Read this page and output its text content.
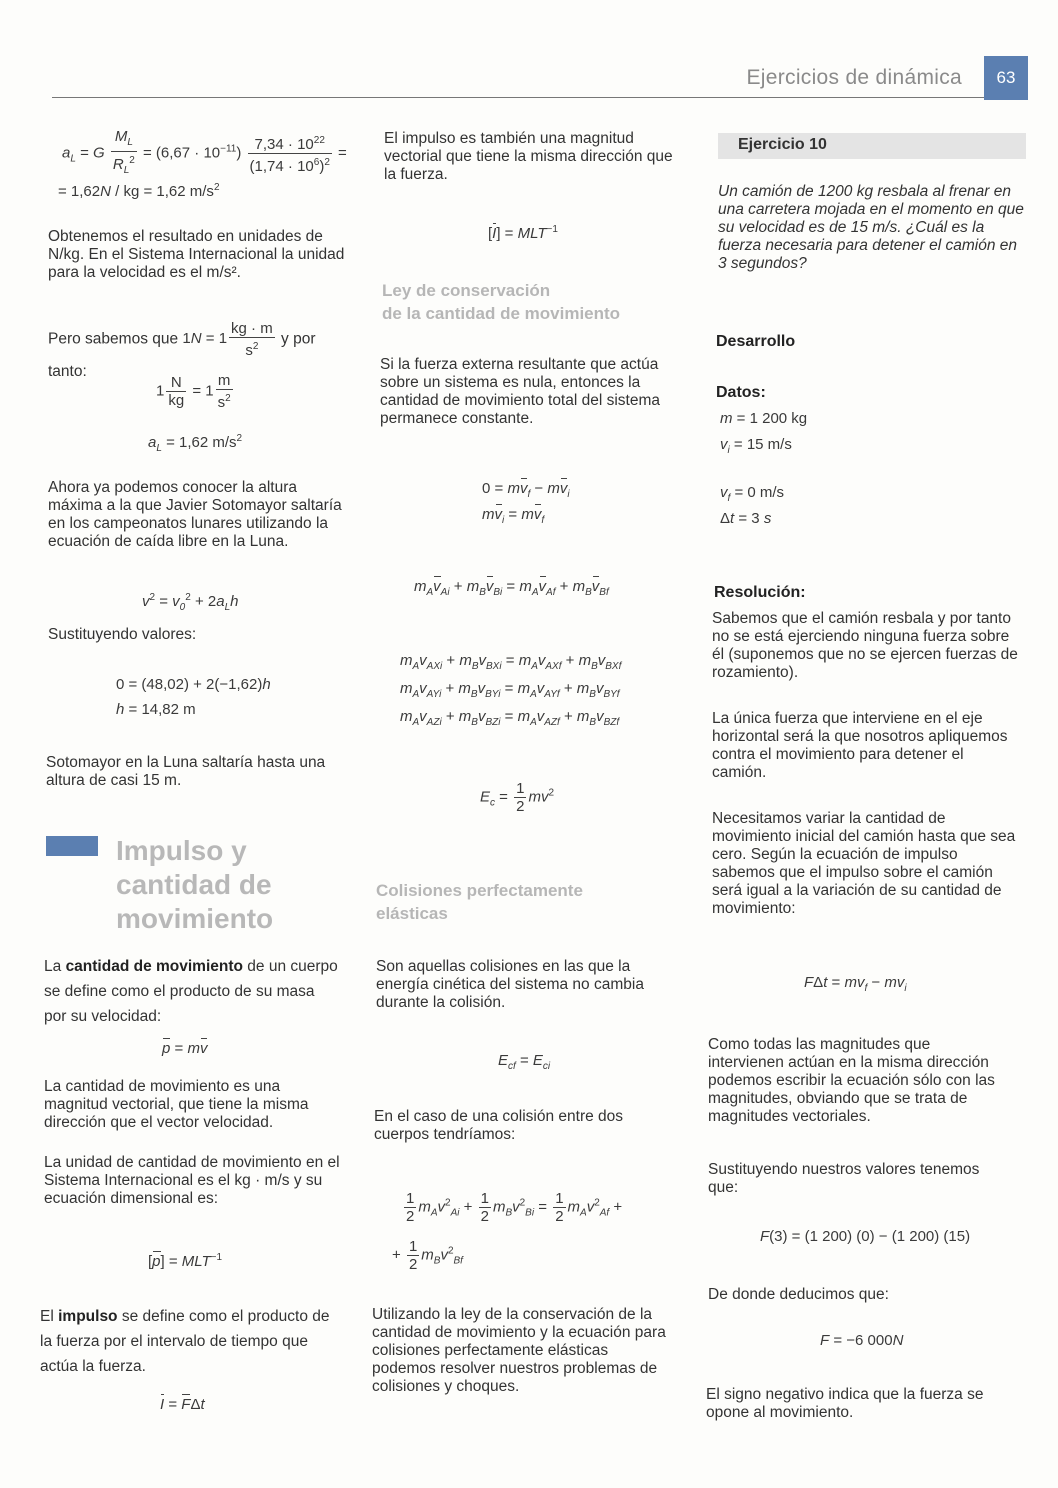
Ejercicios de dinámica	63
$a_L = G \frac{M_L}{R_L^2} = (6,67 \cdot 10^{-11}) \frac{7,34 \cdot 10^{22}}{(1,74 \cdot 10^6)^2}$ =
= 1,62N / kg = 1,62 $m/s^2$

Obtenemos el resultado en unidades de N/kg. En el Sistema Internacional la unidad para la velocidad es el m/s².

Pero sabemos que $1N = 1 \frac{kg \cdot m}{s^2}$ y por tanto:
$1 \frac{N}{kg} = 1 \frac{m}{s^2}$
$a_L = 1,62$ $m/s^2$

Ahora ya podemos conocer la altura máxima a la que Javier Sotomayor saltaría en los campeonatos lunares utilizando la ecuación de caída libre en la Luna.

$v^2 = v_0^2 + 2a_Lh$

Sustituyendo valores:

0 = (48,02) + 2(−1,62)h
h = 14,82 m

Sotomayor en la Luna saltaría hasta una altura de casi 15 m.

Impulso y
cantidad de
movimiento
La cantidad de movimiento de un cuerpo se define como el producto de su masa por su velocidad:
p = mv

La cantidad de movimiento es una magnitud vectorial, que tiene la misma dirección que el vector velocidad.

La unidad de cantidad de movimiento en el Sistema Internacional es el kg · m/s y su ecuación dimensional es:

$[p] = MLT^{-1}$
El impulso se define como el producto de la fuerza por el intervalo de tiempo que actúa la fuerza.
I = FΔt

El impulso es también una magnitud vectorial que tiene la misma dirección que la fuerza.

$[I] = MLT^{-1}$
Ley de conservación
de la cantidad de movimiento

Si la fuerza externa resultante que actúa sobre un sistema es nula, entonces la cantidad de movimiento total del sistema permanece constante.

$0 = mv_f - mv_i$
$mv_i = mv_f$
$m_Av_{Ai} + m_Bv_{Bi} = m_Av_{Af} + m_Bv_{Bf}$
$m_Av_{AXi} + m_Bv_{BXi} = m_Av_{AXf} + m_Bv_{BXf}$
$m_Av_{AYi} + m_Bv_{BYi} = m_Av_{AYf} + m_Bv_{BYf}$
$m_Av_{AZi} + m_Bv_{BZi} = m_Av_{AZf} + m_Bv_{BZf}$
$E_c = \frac{1}{2} mv^2$
Colisiones perfectamente
elásticas

Son aquellas colisiones en las que la energía cinética del sistema no cambia durante la colisión.

$E_{cf} = E_{ci}$

En el caso de una colisión entre dos cuerpos tendríamos:

$\frac{1}{2} m_Av^2_{Ai} + \frac{1}{2} m_Bv^2_{Bi} = \frac{1}{2} m_Av^2_{Af}$ +
+ $\frac{1}{2} m_Bv^2_{Bf}$

Utilizando la ley de la conservación de la cantidad de movimiento y la ecuación para colisiones perfectamente elásticas podemos resolver nuestros problemas de colisiones y choques.

Ejercicio 10

Un camión de 1200 kg resbala al frenar en una carretera mojada en el momento en que su velocidad es de 15 m/s. ¿Cuál es la fuerza necesaria para detener el camión en 3 segundos?

Desarrollo
Datos:
m = 1 200 kg
$v_i = 15$ m/s
$v_f = 0$ m/s
Δt = 3 s
Resolución:

Sabemos que el camión resbala y por tanto no se está ejerciendo ninguna fuerza sobre él (suponemos que no se ejercen fuerzas de rozamiento).

La única fuerza que interviene en el eje horizontal será la que nosotros apliquemos contra el movimiento para detener el camión.

Necesitamos variar la cantidad de movimiento inicial del camión hasta que sea cero. Según la ecuación de impulso sabemos que el impulso sobre el camión será igual a la variación de su cantidad de movimiento:

$F\Delta t = mv_f - mv_i$

Como todas las magnitudes que intervienen actúan en la misma dirección podemos escribir la ecuación sólo con las magnitudes, obviando que se trata de magnitudes vectoriales.

Sustituyendo nuestros valores tenemos que:

F(3) = (1 200) (0) − (1 200) (15)

De donde deducimos que:

F = −6 000N

El signo negativo indica que la fuerza se opone al movimiento.
